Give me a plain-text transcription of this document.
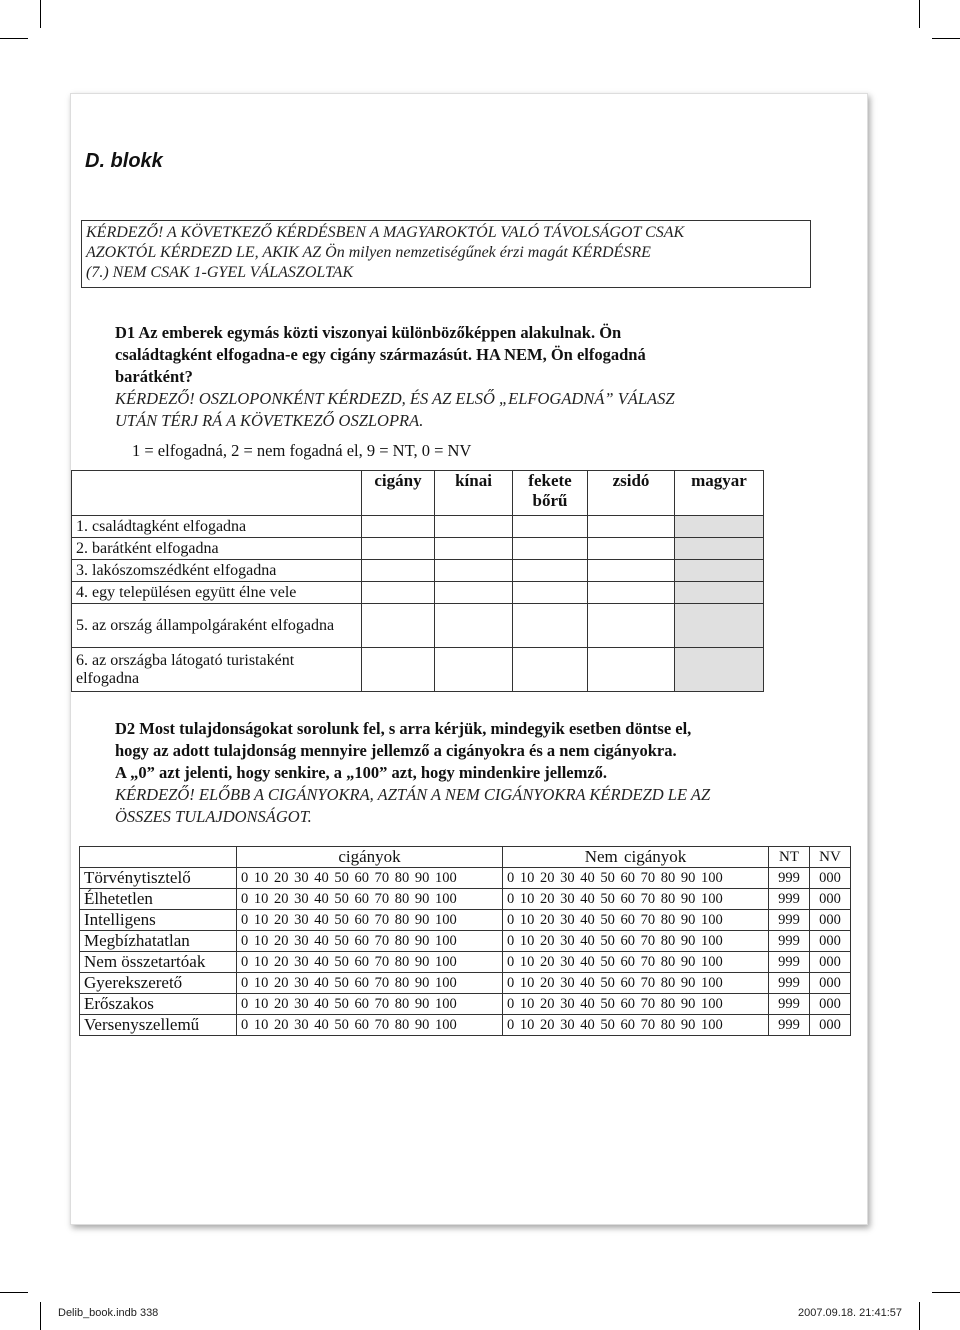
D. blokk
KÉRDEZŐ! A KÖVETKEZŐ KÉRDÉSBEN A MAGYAROKTÓL VALÓ TÁVOLSÁGOT CSAK
AZOKTÓL KÉRDEZD LE, AKIK AZ Ön milyen nemzetiségűnek érzi magát KÉRDÉSRE
(7.) NEM CSAK 1-GYEL VÁLASZOLTAK
D1 Az emberek egymás közti viszonyai különbözőképpen alakulnak. Ön
családtagként elfogadna-e egy cigány származásút. HA NEM, Ön elfogadná
barátként?
KÉRDEZŐ! OSZLOPONKÉNT KÉRDEZD, ÉS AZ ELSŐ „ELFOGADNÁ” VÁLASZ
UTÁN TÉRJ RÁ A KÖVETKEZŐ OSZLOPRA.
1 = elfogadná, 2 = nem fogadná el, 9 = NT, 0 = NV
	cigány	kínai	fekete bőrű	zsidó	magyar
1. családtagként elfogadna					
2. barátként elfogadna					
3. lakószomszédként elfogadna					
4. egy településen együtt élne vele					
5. az ország állampolgáraként elfogadna					
6. az országba látogató turistaként elfogadna					
D2 Most tulajdonságokat sorolunk fel, s arra kérjük, mindegyik esetben döntse el,
hogy az adott tulajdonság mennyire jellemző a cigányokra és a nem cigányokra.
A „0” azt jelenti, hogy senkire, a „100” azt, hogy mindenkire jellemző.
KÉRDEZŐ! ELŐBB A CIGÁNYOKRA, AZTÁN A NEM CIGÁNYOKRA KÉRDEZD LE AZ
ÖSSZES TULAJDONSÁGOT.
	cigányok	Nem cigányok	NT	NV
Törvénytisztelő	0 10 20 30 40 50 60 70 80 90 100	0 10 20 30 40 50 60 70 80 90 100	999	000
Élhetetlen	0 10 20 30 40 50 60 70 80 90 100	0 10 20 30 40 50 60 70 80 90 100	999	000
Intelligens	0 10 20 30 40 50 60 70 80 90 100	0 10 20 30 40 50 60 70 80 90 100	999	000
Megbízhatatlan	0 10 20 30 40 50 60 70 80 90 100	0 10 20 30 40 50 60 70 80 90 100	999	000
Nem összetartóak	0 10 20 30 40 50 60 70 80 90 100	0 10 20 30 40 50 60 70 80 90 100	999	000
Gyerekszerető	0 10 20 30 40 50 60 70 80 90 100	0 10 20 30 40 50 60 70 80 90 100	999	000
Erőszakos	0 10 20 30 40 50 60 70 80 90 100	0 10 20 30 40 50 60 70 80 90 100	999	000
Versenyszellemű	0 10 20 30 40 50 60 70 80 90 100	0 10 20 30 40 50 60 70 80 90 100	999	000
Delib_book.indb 338	2007.09.18. 21:41:57
